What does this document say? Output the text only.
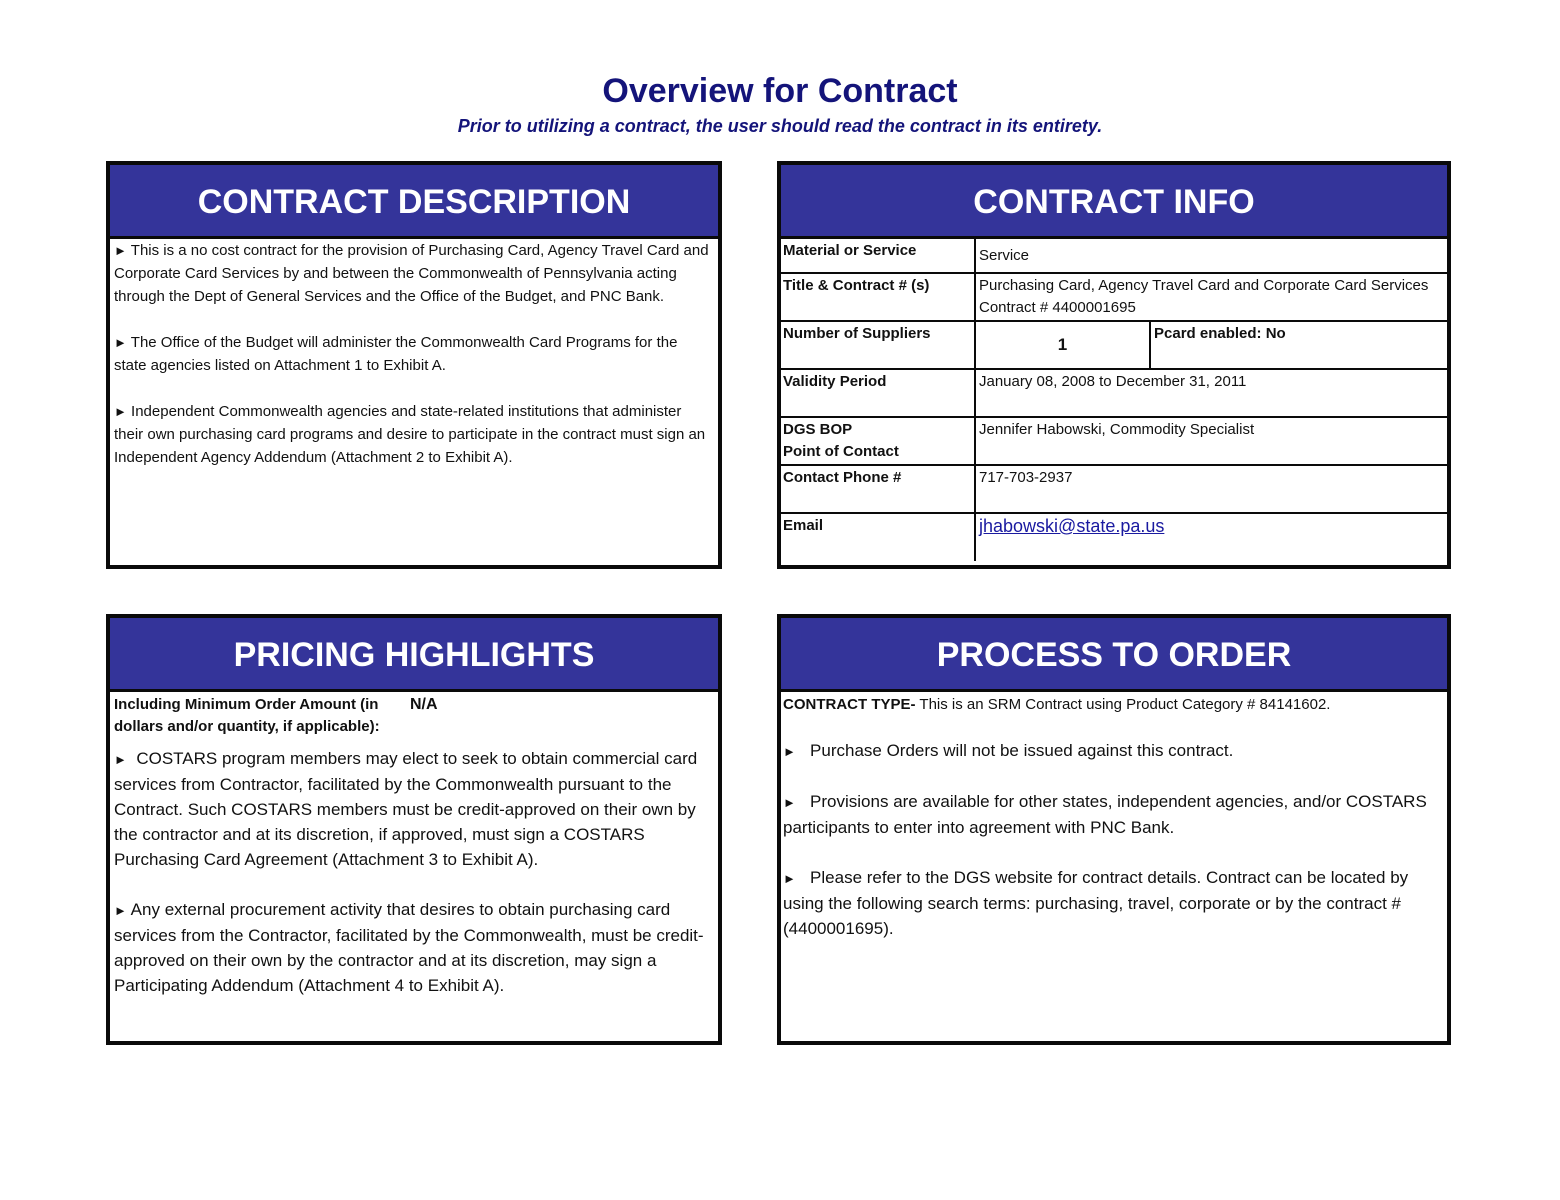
Overview for Contract

Prior to utilizing a contract, the user should read the contract in its entirety.

CONTRACT DESCRIPTION

► This is a no cost contract for the provision of Purchasing Card, Agency Travel Card and Corporate Card Services by and between the Commonwealth of Pennsylvania acting through the Dept of General Services and the Office of the Budget, and PNC Bank.

► The Office of the Budget will administer the Commonwealth Card Programs for the state agencies listed on Attachment 1 to Exhibit A.

► Independent Commonwealth agencies and state-related institutions that administer their own purchasing card programs and desire to participate in the contract must sign an Independent Agency Addendum (Attachment 2 to Exhibit A).

CONTRACT INFO
Material or Service	Service	
Title & Contract # (s)	Purchasing Card, Agency Travel Card and Corporate Card Services
Contract # 4400001695	

Number of Suppliers	1	Pcard enabled: No
Validity Period	January 08, 2008 to December 31, 2011	

DGS BOP
Point of Contact	Jennifer Habowski, Commodity Specialist	
Contact Phone #	717-703-2937	
Email	jhabowski@state.pa.us	
PRICING HIGHLIGHTS
Including Minimum Order Amount (in dollars and/or quantity, if applicable):
N/A

► COSTARS program members may elect to seek to obtain commercial card services from Contractor, facilitated by the Commonwealth pursuant to the Contract. Such COSTARS members must be credit-approved on their own by the contractor and at its discretion, if approved, must sign a COSTARS Purchasing Card Agreement (Attachment 3 to Exhibit A).

► Any external procurement activity that desires to obtain purchasing card services from the Contractor, facilitated by the Commonwealth, must be credit-approved on their own by the contractor and at its discretion, may sign a Participating Addendum (Attachment 4 to Exhibit A).

PROCESS TO ORDER

CONTRACT TYPE- This is an SRM Contract using Product Category # 84141602.

► Purchase Orders will not be issued against this contract.

► Provisions are available for other states, independent agencies, and/or COSTARS participants to enter into agreement with PNC Bank.

► Please refer to the DGS website for contract details. Contract can be located by using the following search terms: purchasing, travel, corporate or by the contract # (4400001695).
